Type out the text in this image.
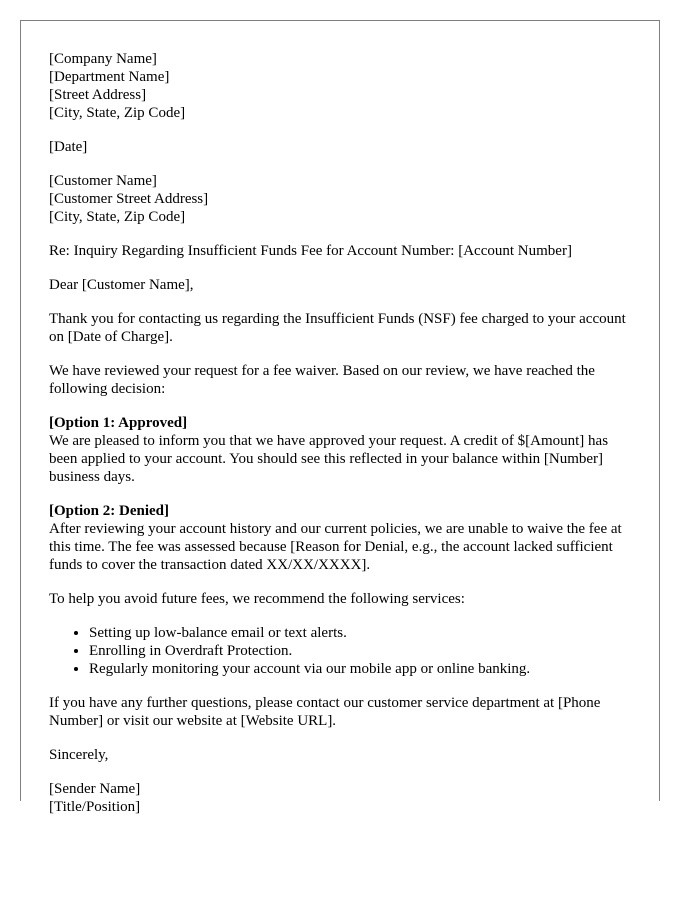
[Company Name]
[Department Name]
[Street Address]
[City, State, Zip Code]

[Date]

[Customer Name]
[Customer Street Address]
[City, State, Zip Code]

Re: Inquiry Regarding Insufficient Funds Fee for Account Number: [Account Number]

Dear [Customer Name],

Thank you for contacting us regarding the Insufficient Funds (NSF) fee charged to your account on [Date of Charge].

We have reviewed your request for a fee waiver. Based on our review, we have reached the following decision:

[Option 1: Approved]
We are pleased to inform you that we have approved your request. A credit of $[Amount] has been applied to your account. You should see this reflected in your balance within [Number] business days.
[Option 2: Denied]
After reviewing your account history and our current policies, we are unable to waive the fee at this time. The fee was assessed because [Reason for Denial, e.g., the account lacked sufficient funds to cover the transaction dated XX/XX/XXXX].

To help you avoid future fees, we recommend the following services:

• Setting up low-balance email or text alerts.
• Enrolling in Overdraft Protection.
• Regularly monitoring your account via our mobile app or online banking.

If you have any further questions, please contact our customer service department at [Phone Number] or visit our website at [Website URL].

Sincerely,

[Sender Name]
[Title/Position]
